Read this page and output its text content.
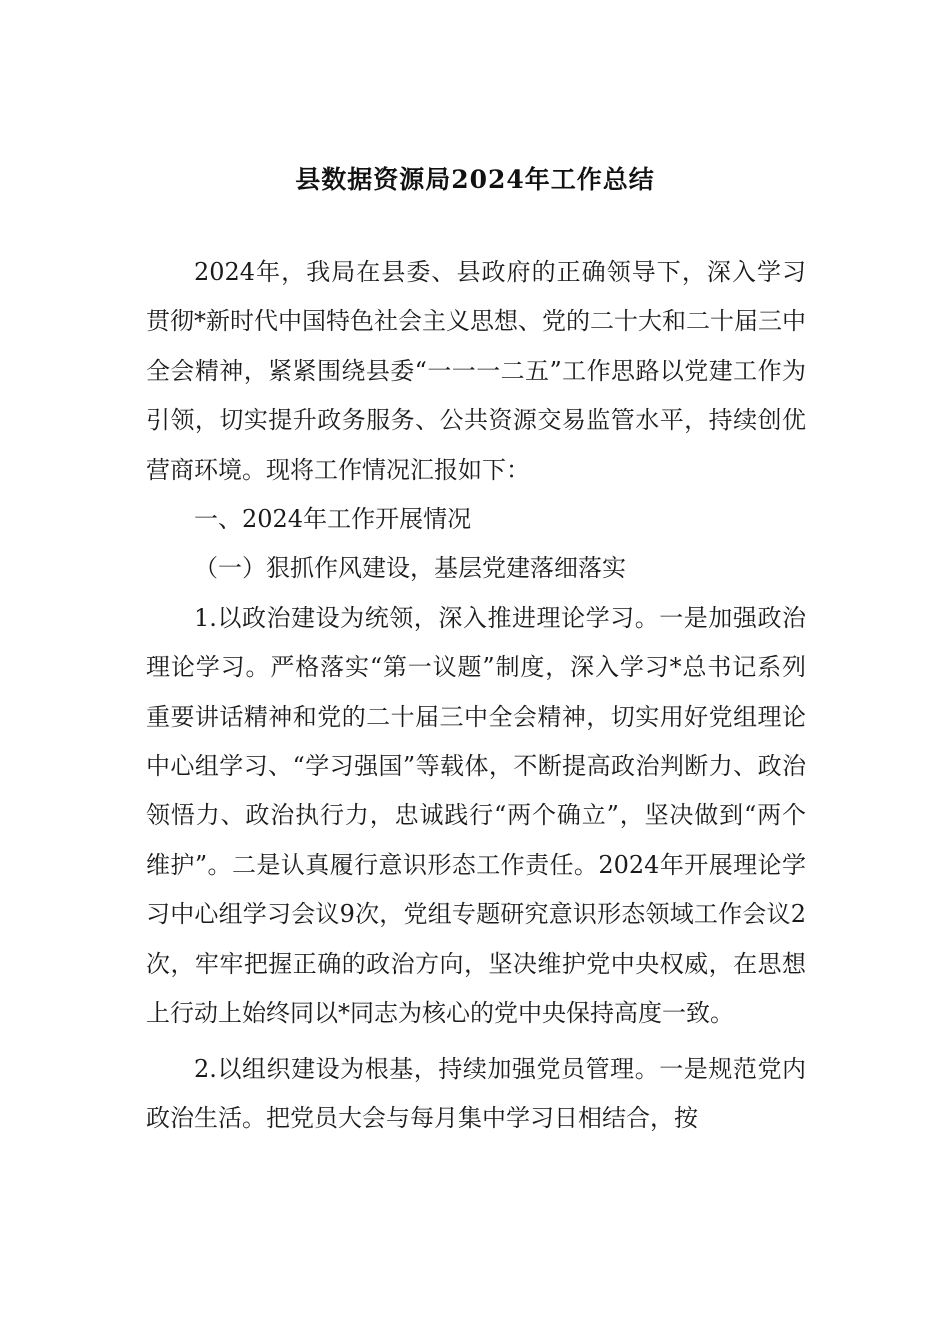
县数据资源局2024年工作总结

2024年，我局在县委、县政府的正确领导下，深入学习贯彻*新时代中国特色社会主义思想、党的二十大和二十届三中全会精神，紧紧围绕县委“一一一二五”工作思路以党建工作为引领，切实提升政务服务、公共资源交易监管水平，持续创优营商环境。现将工作情况汇报如下：

一、2024年工作开展情况

（一）狠抓作风建设，基层党建落细落实

1.以政治建设为统领，深入推进理论学习。一是加强政治理论学习。严格落实“第一议题”制度，深入学习*总书记系列重要讲话精神和党的二十届三中全会精神，切实用好党组理论中心组学习、“学习强国”等载体，不断提高政治判断力、政治领悟力、政治执行力，忠诚践行“两个确立”，坚决做到“两个维护”。二是认真履行意识形态工作责任。2024年开展理论学习中心组学习会议9次，党组专题研究意识形态领域工作会议2次，牢牢把握正确的政治方向，坚决维护党中央权威，在思想上行动上始终同以*同志为核心的党中央保持高度一致。

2.以组织建设为根基，持续加强党员管理。一是规范党内政治生活。把党员大会与每月集中学习日相结合，按
